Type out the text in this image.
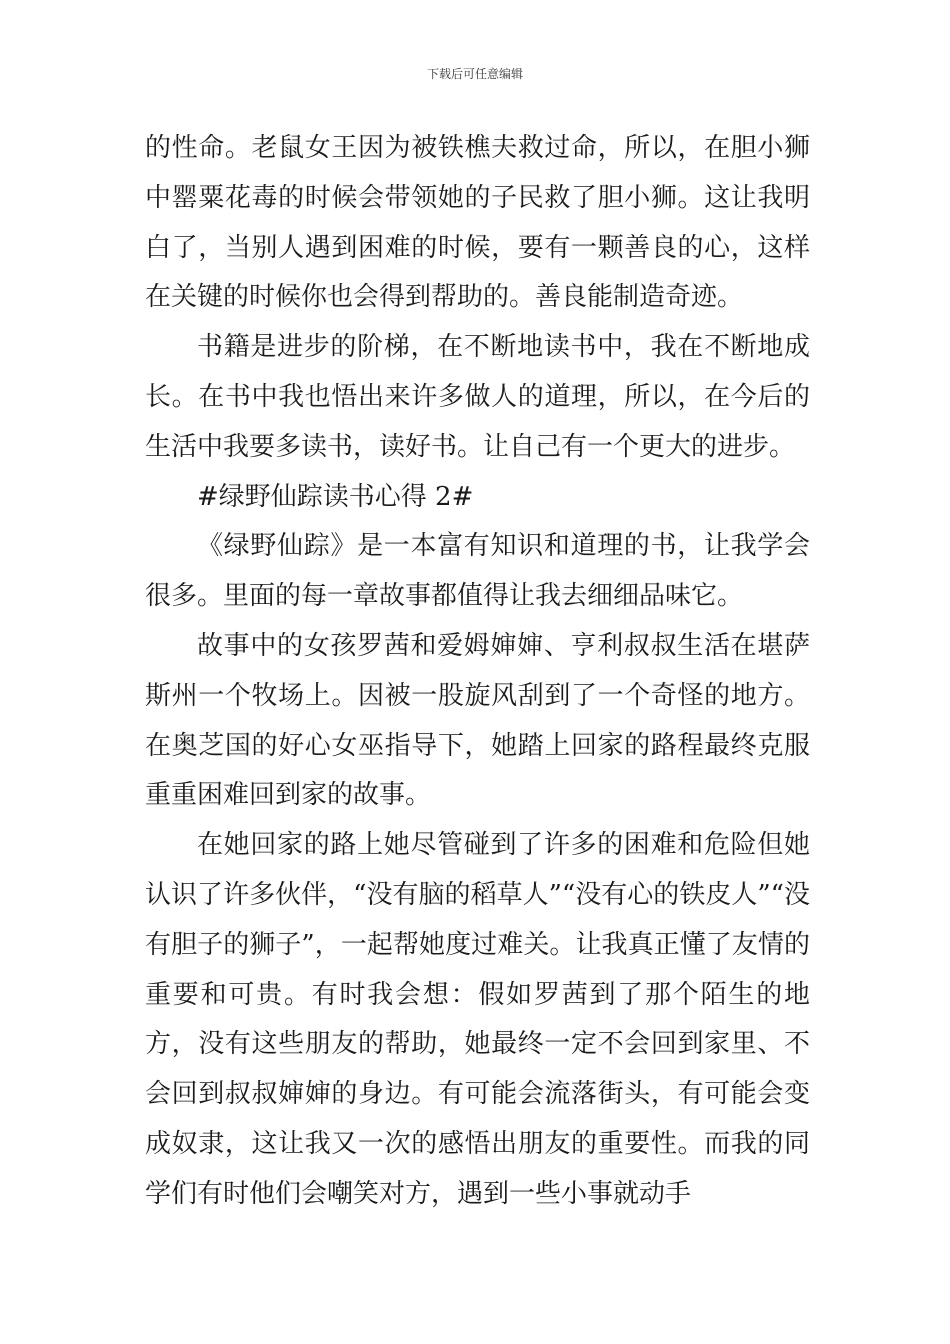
下载后可任意编辑

的性命。老鼠女王因为被铁樵夫救过命，所以，在胆小狮中罂粟花毒的时候会带领她的子民救了胆小狮。这让我明白了，当别人遇到困难的时候，要有一颗善良的心，这样在关键的时候你也会得到帮助的。善良能制造奇迹。

书籍是进步的阶梯，在不断地读书中，我在不断地成长。在书中我也悟出来许多做人的道理，所以，在今后的生活中我要多读书，读好书。让自己有一个更大的进步。

#绿野仙踪读书心得 2#

《绿野仙踪》是一本富有知识和道理的书，让我学会很多。里面的每一章故事都值得让我去细细品味它。

故事中的女孩罗茜和爱姆婶婶、亨利叔叔生活在堪萨斯州一个牧场上。因被一股旋风刮到了一个奇怪的地方。在奥芝国的好心女巫指导下，她踏上回家的路程最终克服重重困难回到家的故事。

在她回家的路上她尽管碰到了许多的困难和危险但她认识了许多伙伴，“没有脑的稻草人”“没有心的铁皮人”“没有胆子的狮子”，一起帮她度过难关。让我真正懂了友情的重要和可贵。有时我会想：假如罗茜到了那个陌生的地方，没有这些朋友的帮助，她最终一定不会回到家里、不会回到叔叔婶婶的身边。有可能会流落街头，有可能会变成奴隶，这让我又一次的感悟出朋友的重要性。而我的同学们有时他们会嘲笑对方，遇到一些小事就动手
